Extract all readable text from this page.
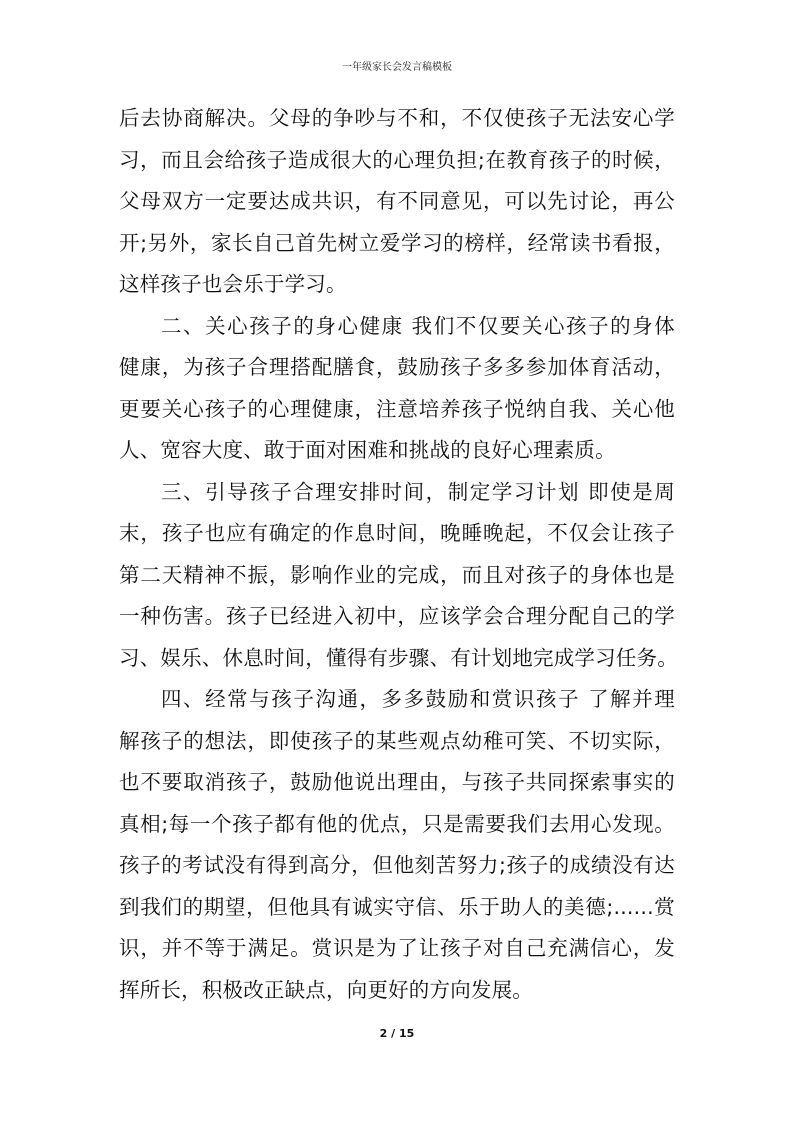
一年级家长会发言稿模板
后去协商解决。父母的争吵与不和，不仅使孩子无法安心学
习，而且会给孩子造成很大的心理负担;在教育孩子的时候，
父母双方一定要达成共识，有不同意见，可以先讨论，再公
开;另外，家长自己首先树立爱学习的榜样，经常读书看报，
这样孩子也会乐于学习。
二、关心孩子的身心健康 我们不仅要关心孩子的身体
健康，为孩子合理搭配膳食，鼓励孩子多多参加体育活动，
更要关心孩子的心理健康，注意培养孩子悦纳自我、关心他
人、宽容大度、敢于面对困难和挑战的良好心理素质。
三、引导孩子合理安排时间，制定学习计划 即使是周
末，孩子也应有确定的作息时间，晚睡晚起，不仅会让孩子
第二天精神不振，影响作业的完成，而且对孩子的身体也是
一种伤害。孩子已经进入初中，应该学会合理分配自己的学
习、娱乐、休息时间，懂得有步骤、有计划地完成学习任务。
四、经常与孩子沟通，多多鼓励和赏识孩子 了解并理
解孩子的想法，即使孩子的某些观点幼稚可笑、不切实际，
也不要取消孩子，鼓励他说出理由，与孩子共同探索事实的
真相;每一个孩子都有他的优点，只是需要我们去用心发现。
孩子的考试没有得到高分，但他刻苦努力;孩子的成绩没有达
到我们的期望，但他具有诚实守信、乐于助人的美德;......赏
识，并不等于满足。赏识是为了让孩子对自己充满信心，发
挥所长，积极改正缺点，向更好的方向发展。
2 / 15
